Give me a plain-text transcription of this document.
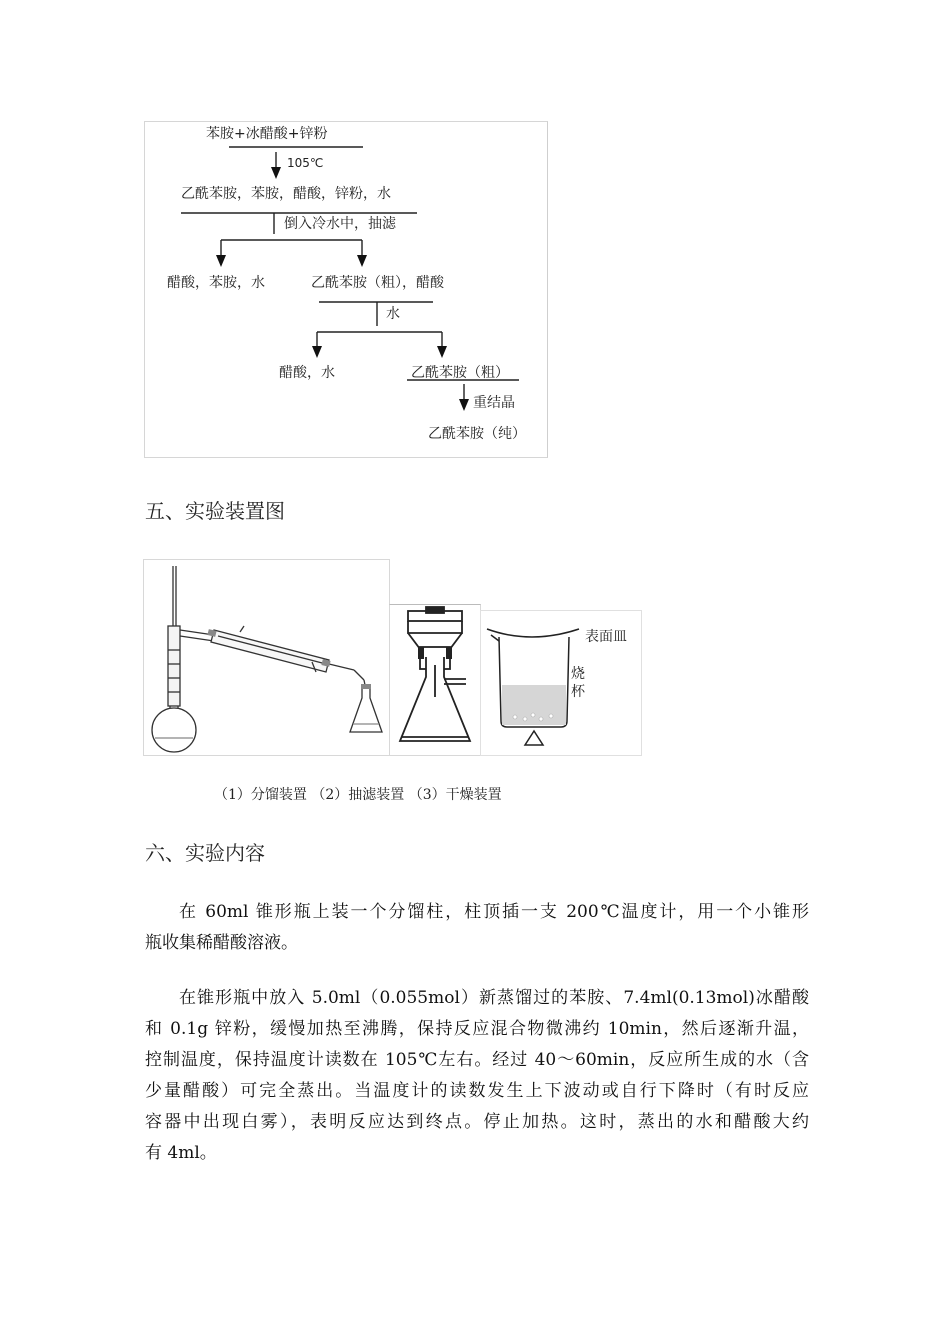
苯胺+冰醋酸+锌粉
105℃
乙酰苯胺，苯胺，醋酸，锌粉，水
倒入冷水中，抽滤
醋酸，苯胺，水	乙酰苯胺（粗），醋酸
水
醋酸，水	乙酰苯胺（粗）
重结晶
乙酰苯胺（纯）
五、实验装置图
表面皿
烧杯
（1）分馏装置 （2）抽滤装置 （3）干燥装置
六、实验内容
在 60ml 锥形瓶上装一个分馏柱，柱顶插一支 200℃温度计，用一个小锥形
瓶收集稀醋酸溶液。
在锥形瓶中放入 5.0ml（0.055mol）新蒸馏过的苯胺、7.4ml(0.13mol)冰醋酸
和 0.1g 锌粉，缓慢加热至沸腾，保持反应混合物微沸约 10min，然后逐渐升温，
控制温度，保持温度计读数在 105℃左右。经过 40～60min，反应所生成的水（含
少量醋酸）可完全蒸出。当温度计的读数发生上下波动或自行下降时（有时反应
容器中出现白雾），表明反应达到终点。停止加热。这时，蒸出的水和醋酸大约
有 4ml。
